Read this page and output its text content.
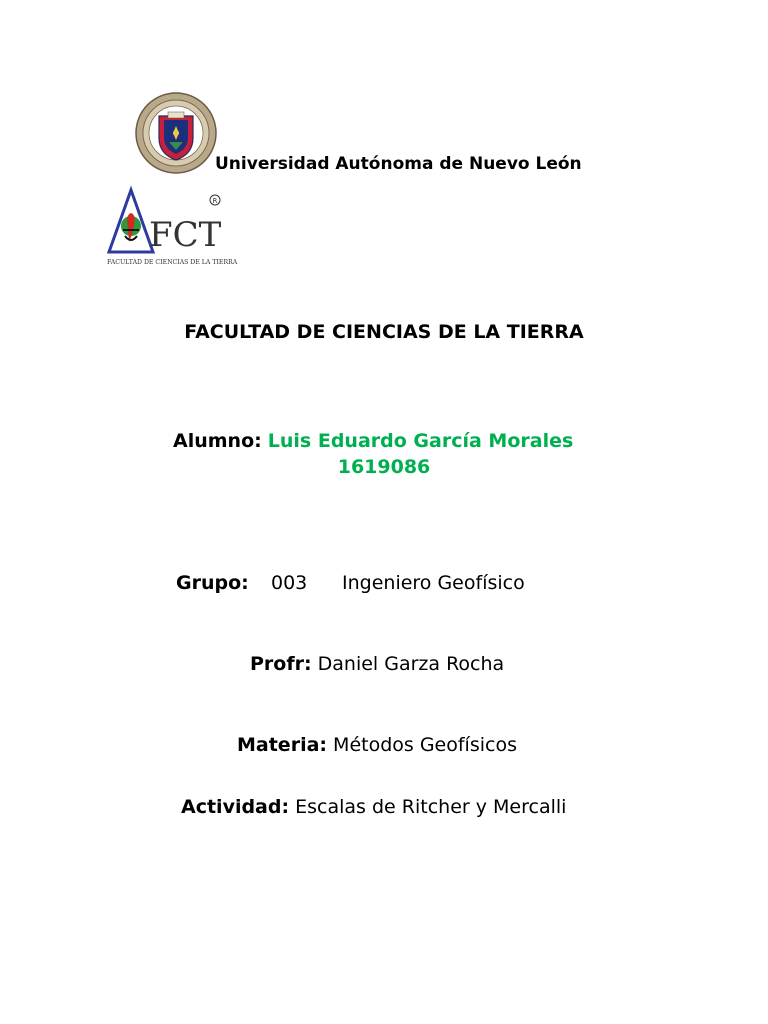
Universidad Autónoma de Nuevo León
FCT
R
FACULTAD DE CIENCIAS DE LA TIERRA
FACULTAD DE CIENCIAS DE LA TIERRA
Alumno: Luis Eduardo García Morales
1619086
Grupo: 003 Ingeniero Geofísico
Profr: Daniel Garza Rocha
Materia: Métodos Geofísicos
Actividad: Escalas de Ritcher y Mercalli
